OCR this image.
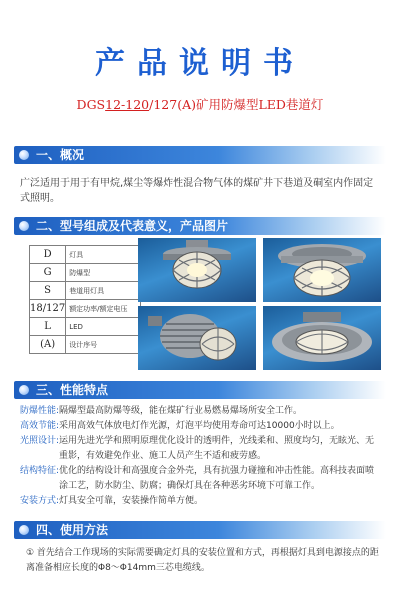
产品说明书
DGS12-120/127(A)矿用防爆型LED巷道灯
一、概况
广泛适用于用于有甲烷,煤尘等爆炸性混合物气体的煤矿井下巷道及硐室内作固定式照明。
二、型号组成及代表意义，产品图片
D	灯具
G	防爆型
S	巷道用灯具
18/127	额定功率/额定电压
L	LED
(A)	设计序号
三、性能特点
防爆性能: 隔爆型最高防爆等级，能在煤矿行业易燃易爆场所安全工作。
高效节能: 采用高效气体放电灯作光源，灯泡平均使用寿命可达10000小时以上。
光照设计: 运用先进光学和照明原理优化设计的透明件，光线柔和、照度均匀，无眩光、无重影，有效避免作业、施工人员产生不适和疲劳感。
结构特征: 优化的结构设计和高强度合金外壳，具有抗强力碰撞和冲击性能。高科技表面喷涂工艺，防水防尘、防腐；确保灯具在各种恶劣环境下可靠工作。
安装方式: 灯具安全可靠，安装操作简单方便。
四、使用方法
① 首先结合工作现场的实际需要确定灯具的安装位置和方式，再根据灯具到电源接点的距离准备相应长度的Φ8～Φ14mm三芯电缆线。
